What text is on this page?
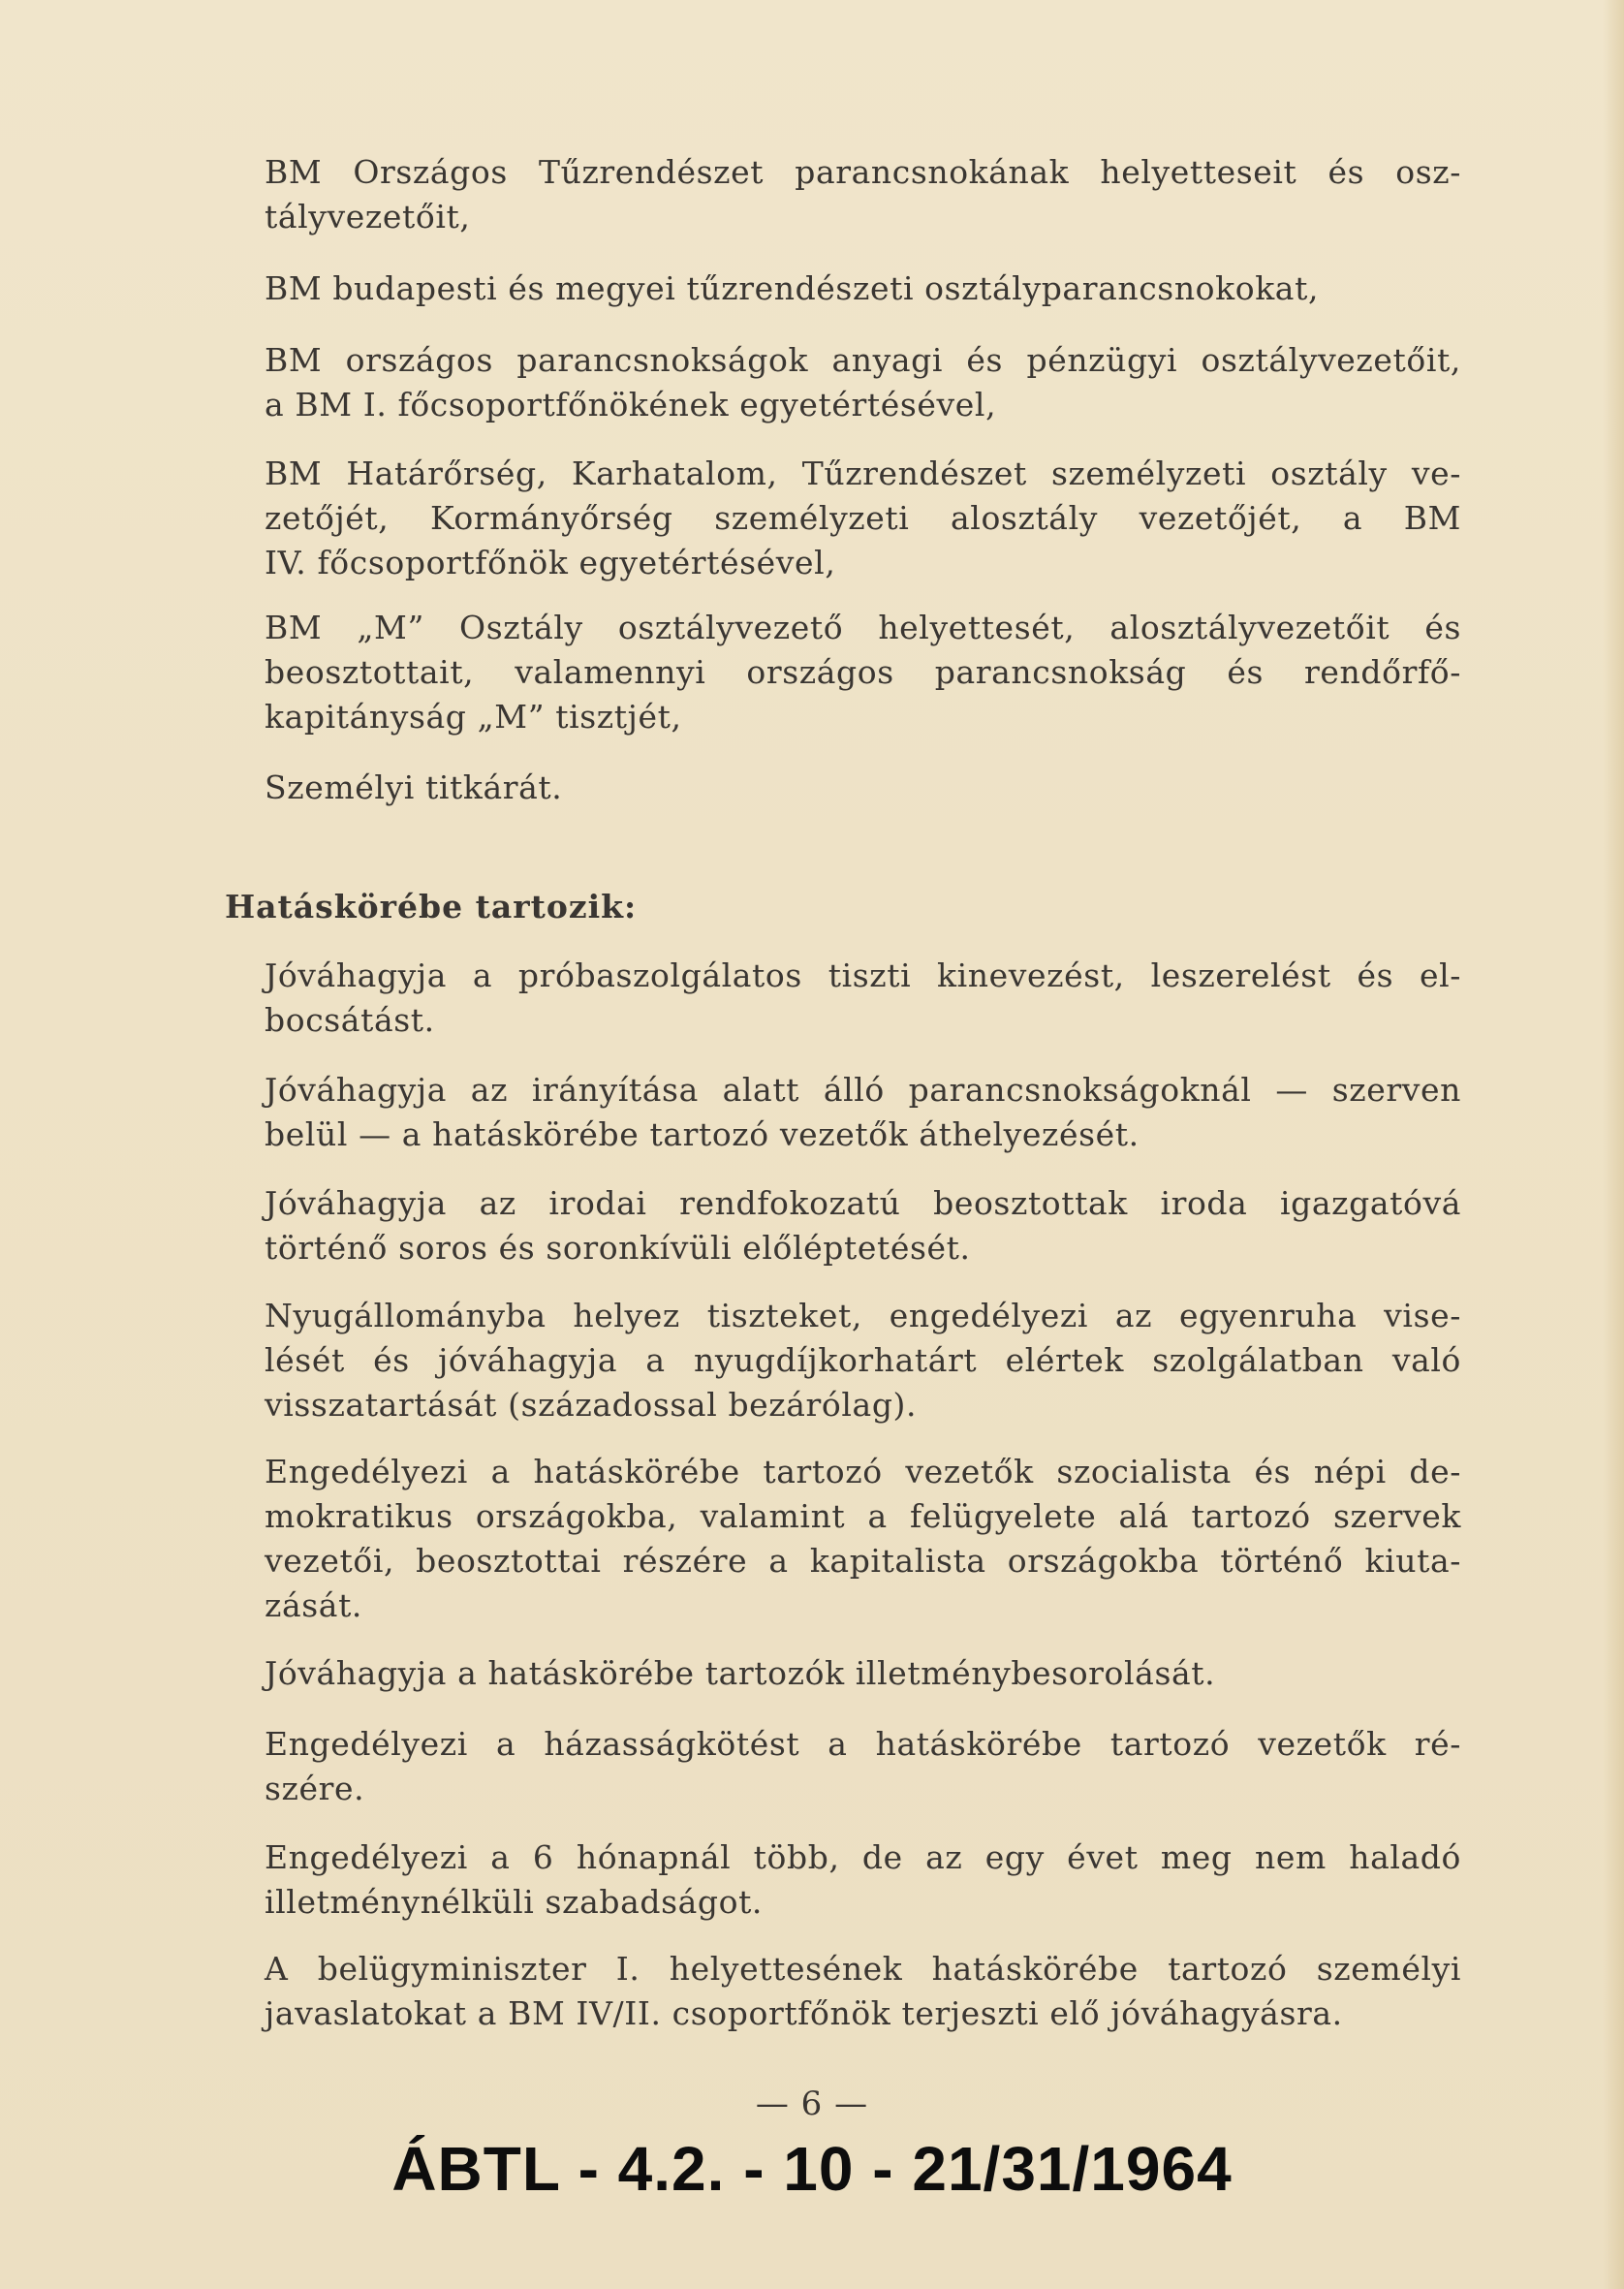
BM Országos Tűzrendészet parancsnokának helyetteseit és osz-

tályvezetőit,

BM budapesti és megyei tűzrendészeti osztályparancsnokokat,

BM országos parancsnokságok anyagi és pénzügyi osztályvezetőit,

a BM I. főcsoportfőnökének egyetértésével,

BM Határőrség, Karhatalom, Tűzrendészet személyzeti osztály ve-

zetőjét, Kormányőrség személyzeti alosztály vezetőjét, a BM

IV. főcsoportfőnök egyetértésével,

BM „M” Osztály osztályvezető helyettesét, alosztályvezetőit és

beosztottait, valamennyi országos parancsnokság és rendőrfő-

kapitányság „M” tisztjét,

Személyi titkárát.

Hatáskörébe tartozik:

Jóváhagyja a próbaszolgálatos tiszti kinevezést, leszerelést és el-

bocsátást.

Jóváhagyja az irányítása alatt álló parancsnokságoknál — szerven

belül — a hatáskörébe tartozó vezetők áthelyezését.

Jóváhagyja az irodai rendfokozatú beosztottak iroda igazgatóvá

történő soros és soronkívüli előléptetését.

Nyugállományba helyez tiszteket, engedélyezi az egyenruha vise-

lését és jóváhagyja a nyugdíjkorhatárt elértek szolgálatban való

visszatartását (századossal bezárólag).

Engedélyezi a hatáskörébe tartozó vezetők szocialista és népi de-

mokratikus országokba, valamint a felügyelete alá tartozó szervek

vezetői, beosztottai részére a kapitalista országokba történő kiuta-

zását.

Jóváhagyja a hatáskörébe tartozók illetménybesorolását.

Engedélyezi a házasságkötést a hatáskörébe tartozó vezetők ré-

szére.

Engedélyezi a 6 hónapnál több, de az egy évet meg nem haladó

illetménynélküli szabadságot.

A belügyminiszter I. helyettesének hatáskörébe tartozó személyi

javaslatokat a BM IV/II. csoportfőnök terjeszti elő jóváhagyásra.

— 6 —
ÁBTL - 4.2. - 10 - 21/31/1964
